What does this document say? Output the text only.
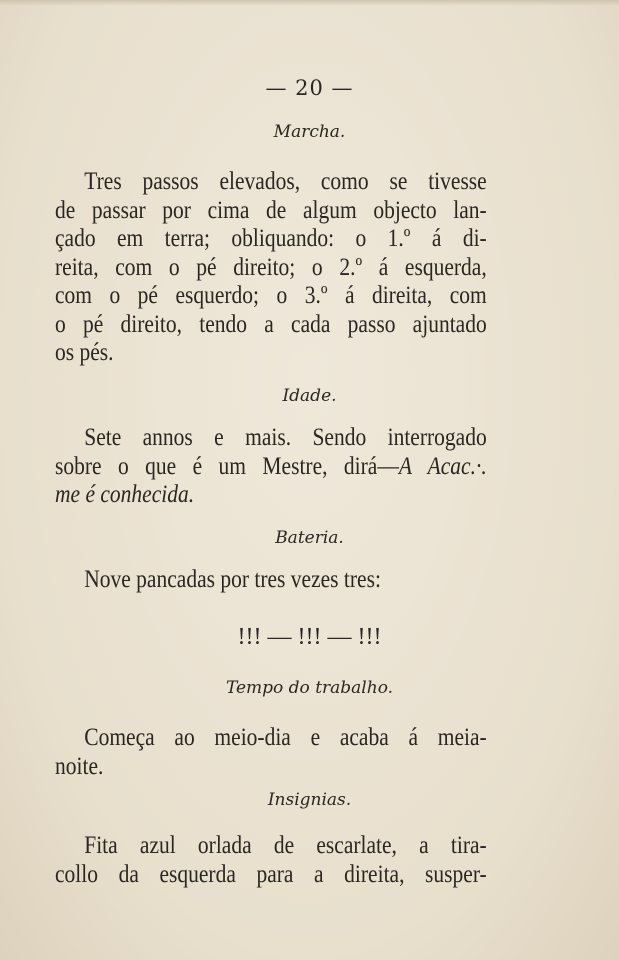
— 20 —
Marcha.
Tres passos elevados, como se tivesse
de passar por cima de algum objecto lan-
çado em terra; obliquando: o 1.º á di-
reita, com o pé direito; o 2.º á esquerda,
com o pé esquerdo; o 3.º á direita, com
o pé direito, tendo a cada passo ajuntado
os pés.
Idade.
Sete annos e mais. Sendo interrogado
sobre o que é um Mestre, dirá—A Acac.·.
me é conhecida.
Bateria.
Nove pancadas por tres vezes tres:
!!! — !!! — !!!
Tempo do trabalho.
Começa ao meio-dia e acaba á meia-
noite.
Insignias.
Fita azul orlada de escarlate, a tira-
collo da esquerda para a direita, susper-
